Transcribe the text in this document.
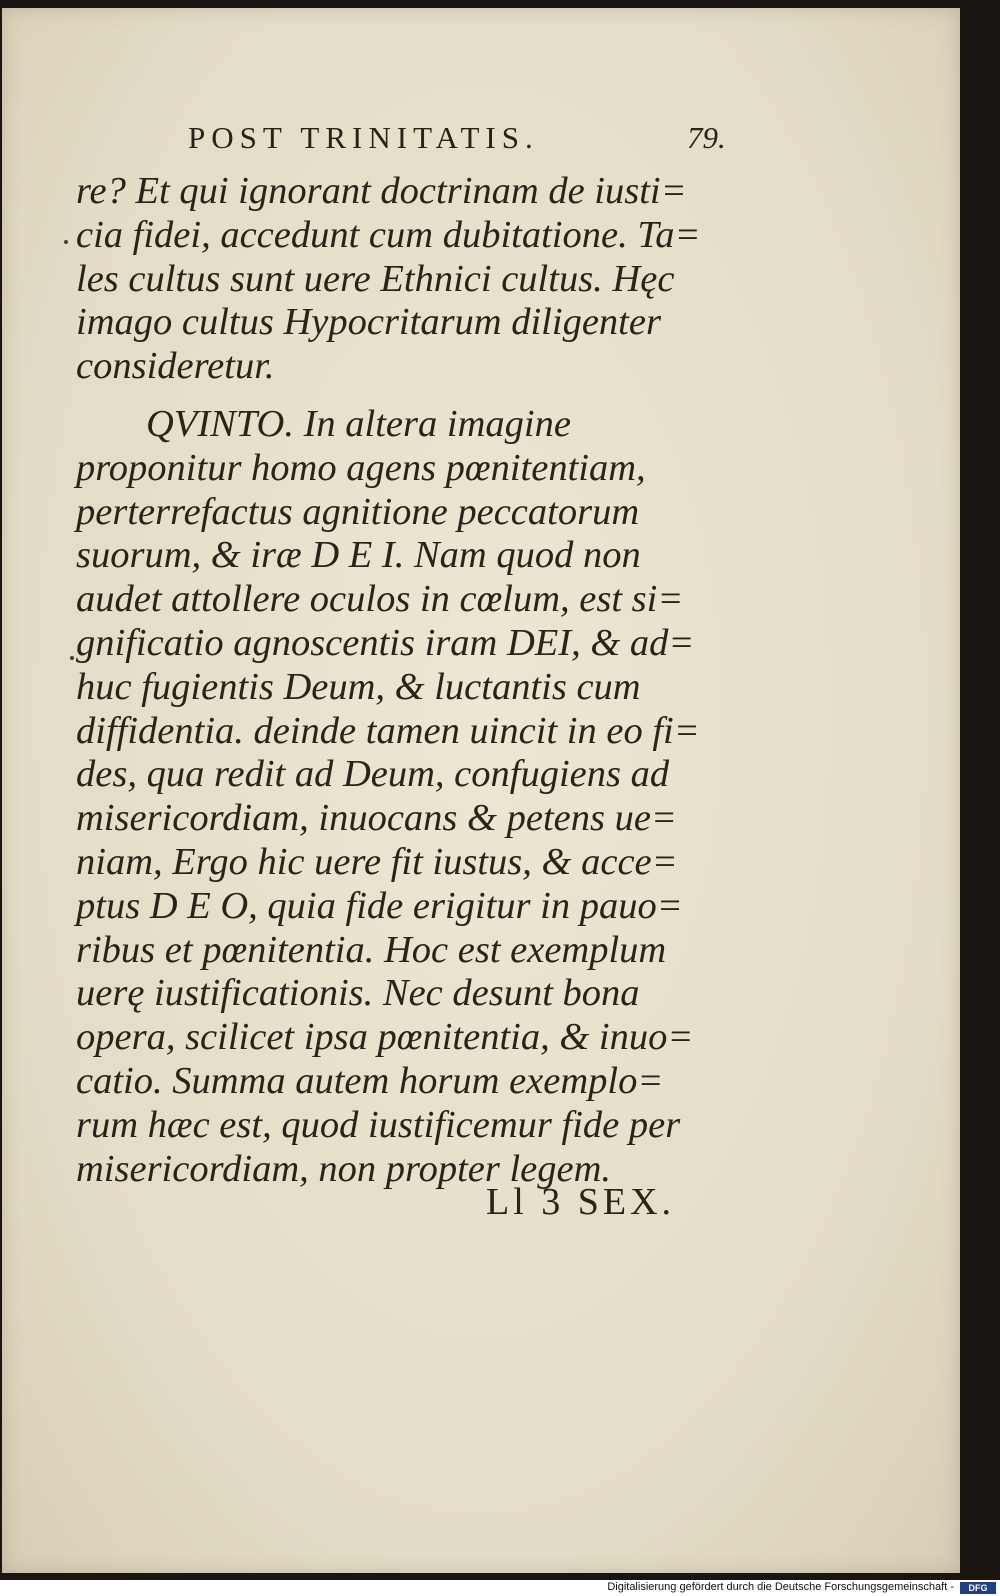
POST TRINITATIS.	79.
re? Et qui ignorant doctrinam de iusti=
cia fidei, accedunt cum dubitatione. Ta=
les cultus sunt uere Ethnici cultus. Hęc
imago cultus Hypocritarum diligenter
consideretur.
QVINTO. In altera imagine
proponitur homo agens pœnitentiam,
perterrefactus agnitione peccatorum
suorum, & iræ D E I. Nam quod non
audet attollere oculos in cœlum, est si=
gnificatio agnoscentis iram DEI, & ad=
huc fugientis Deum, & luctantis cum
diffidentia. deinde tamen uincit in eo fi=
des, qua redit ad Deum, confugiens ad
misericordiam, inuocans & petens ue=
niam, Ergo hic uere fit iustus, & acce=
ptus D E O, quia fide erigitur in pauo=
ribus et pœnitentia. Hoc est exemplum
uerę iustificationis. Nec desunt bona
opera, scilicet ipsa pœnitentia, & inuo=
catio. Summa autem horum exemplo=
rum hæc est, quod iustificemur fide per
misericordiam, non propter legem.
Ll 3 SEX.
Digitalisierung gefördert durch die Deutsche Forschungsgemeinschaft -	DFG
